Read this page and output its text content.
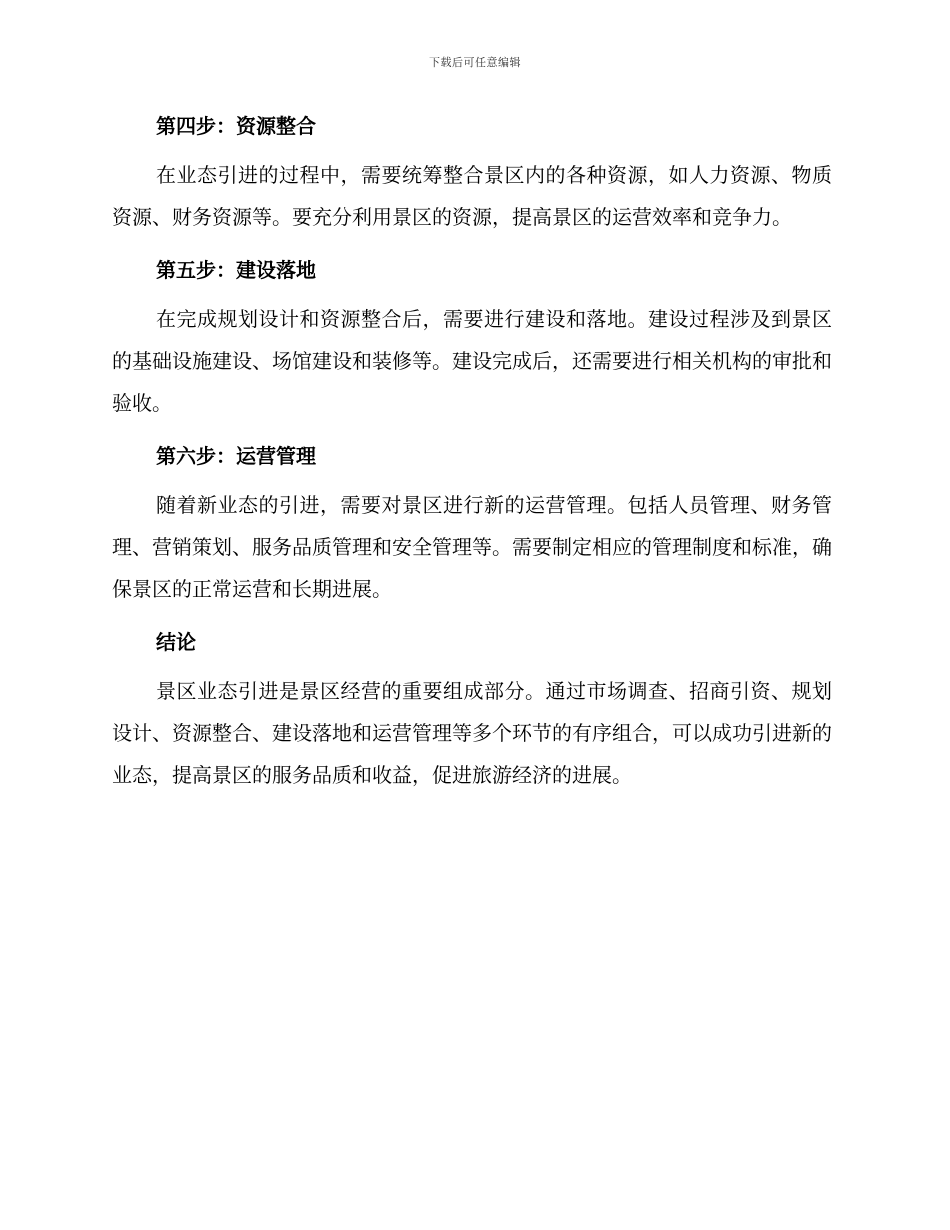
下载后可任意编辑
第四步：资源整合

在业态引进的过程中，需要统筹整合景区内的各种资源，如人力资源、物质资源、财务资源等。要充分利用景区的资源，提高景区的运营效率和竞争力。

第五步：建设落地

在完成规划设计和资源整合后，需要进行建设和落地。建设过程涉及到景区的基础设施建设、场馆建设和装修等。建设完成后，还需要进行相关机构的审批和验收。

第六步：运营管理

随着新业态的引进，需要对景区进行新的运营管理。包括人员管理、财务管理、营销策划、服务品质管理和安全管理等。需要制定相应的管理制度和标准，确保景区的正常运营和长期进展。

结论

景区业态引进是景区经营的重要组成部分。通过市场调查、招商引资、规划设计、资源整合、建设落地和运营管理等多个环节的有序组合，可以成功引进新的业态，提高景区的服务品质和收益，促进旅游经济的进展。
